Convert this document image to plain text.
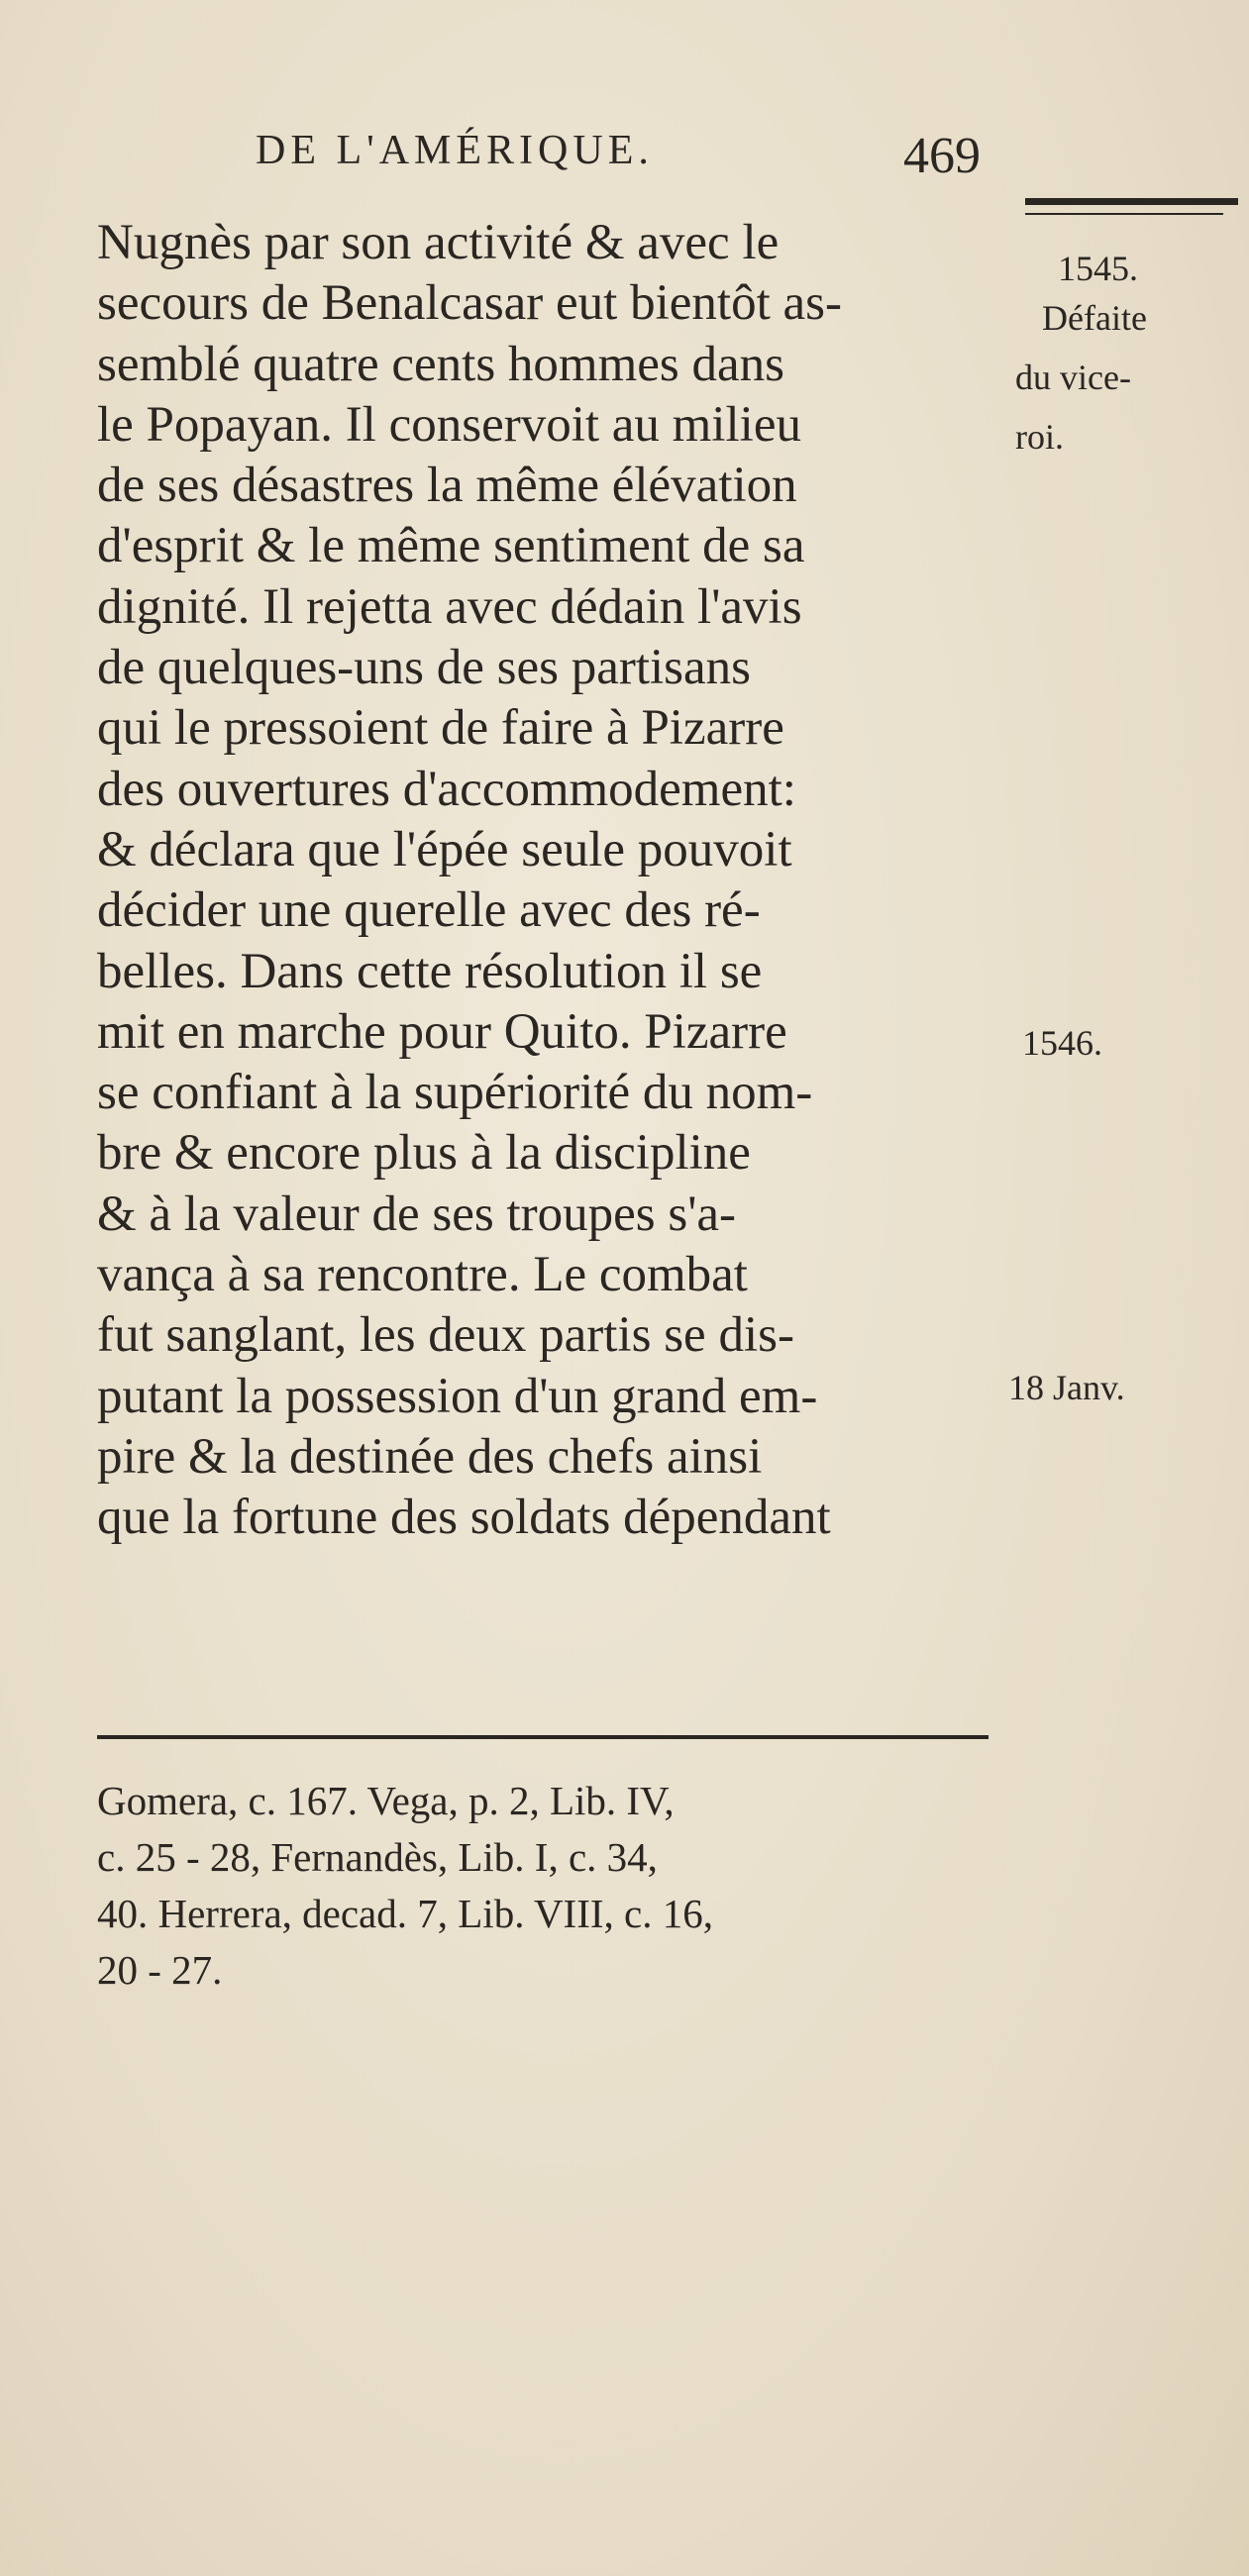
DE L'AMÉRIQUE.	469
Nugnès par son activité & avec le
secours de Benalcasar eut bientôt as-
semblé quatre cents hommes dans
le Popayan. Il conservoit au milieu
de ses désastres la même élévation
d'esprit & le même sentiment de sa
dignité. Il rejetta avec dédain l'avis
de quelques-uns de ses partisans
qui le pressoient de faire à Pizarre
des ouvertures d'accommodement:
& déclara que l'épée seule pouvoit
décider une querelle avec des ré-
belles. Dans cette résolution il se
mit en marche pour Quito. Pizarre
se confiant à la supériorité du nom-
bre & encore plus à la discipline
& à la valeur de ses troupes s'a-
vança à sa rencontre. Le combat
fut sanglant, les deux partis se dis-
putant la possession d'un grand em-
pire & la destinée des chefs ainsi
que la fortune des soldats dépendant
1545.
Défaite
du vice-
roi.
1546.
18 Janv.
Gomera, c. 167. Vega, p. 2, Lib. IV,
c. 25 - 28, Fernandès, Lib. I, c. 34,
40. Herrera, decad. 7, Lib. VIII, c. 16,
20 - 27.
